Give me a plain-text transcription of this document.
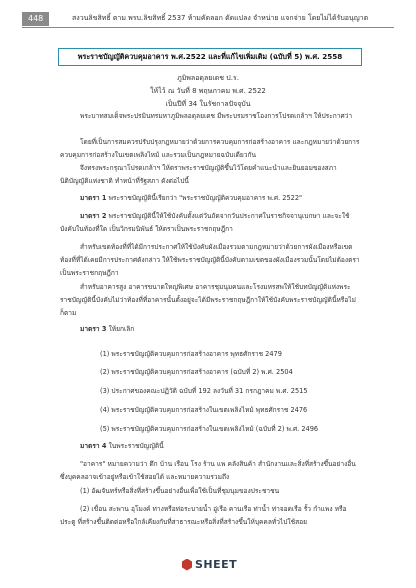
448	สงวนลิขสิทธิ์ ตาม พรบ.ลิขสิทธิ์ 2537 ห้ามคัดลอก ดัดแปลง จำหน่าย แจกจ่าย โดยไม่ได้รับอนุญาต
พระราชบัญญัติควบคุมอาคาร พ.ศ.2522 และที่แก้ไขเพิ่มเติม (ฉบับที่ 5) พ.ศ. 2558
ภูมิพลอดุลยเดช ป.ร.
ให้ไว้ ณ วันที่ 8 พฤษภาคม พ.ศ. 2522
เป็นปีที่ 34 ในรัชกาลปัจจุบัน

พระบาทสมเด็จพระปรมินทรมหาภูมิพลอดุลยเดช มีพระบรมราชโองการโปรดเกล้าฯ ให้ประกาศว่า

โดยที่เป็นการสมควรปรับปรุงกฎหมายว่าด้วยการควบคุมการก่อสร้างอาคาร และกฎหมายว่าด้วยการควบคุมการก่อสร้างในเขตเพลิงไหม้ และรวมเป็นกฎหมายฉบับเดียวกัน

จึงทรงพระกรุณาโปรดเกล้าฯ ให้ตราพระราชบัญญัติขึ้นไว้โดยคำแนะนำและยินยอมของสภานิติบัญญัติแห่งชาติ ทำหน้าที่รัฐสภา ดังต่อไปนี้

มาตรา 1 พระราชบัญญัตินี้เรียกว่า "พระราชบัญญัติควบคุมอาคาร พ.ศ. 2522"

มาตรา 2 พระราชบัญญัตินี้ให้ใช้บังคับตั้งแต่วันถัดจากวันประกาศในราชกิจจานุเบกษา และจะใช้บังคับในท้องที่ใด เป็นวิกรมนิพันธ์ ให้ตราเป็นพระราชกฤษฎีกา

สำหรับเขตท้องที่ที่ได้มีการประกาศให้ใช้บังคับผังเมืองรวมตามกฎหมายว่าด้วยการผังเมืองหรือเขตท้องที่ที่ได้เคยมีการประกาศดังกล่าว ให้ใช้พระราชบัญญัตินี้บังคับตามเขตของผังเมืองรวมนั้นโดยไม่ต้องตราเป็นพระราชกฤษฎีกา

สำหรับอาคารสูง อาคารขนาดใหญ่พิเศษ อาคารชุมนุมคนและโรงมหรสพให้ใช้บทบัญญัติแห่งพระราชบัญญัตินี้บังคับไม่ว่าท้องที่ที่อาคารนั้นตั้งอยู่จะได้มีพระราชกฤษฎีกาให้ใช้บังคับพระราชบัญญัตินี้หรือไม่ก็ตาม

มาตรา 3 ให้ยกเลิก

(1) พระราชบัญญัติควบคุมการก่อสร้างอาคาร พุทธศักราช 2479
(2) พระราชบัญญัติควบคุมการก่อสร้างอาคาร (ฉบับที่ 2) พ.ศ. 2504
(3) ประกาศของคณะปฏิวัติ ฉบับที่ 192 ลงวันที่ 31 กรกฎาคม พ.ศ. 2515
(4) พระราชบัญญัติควบคุมการก่อสร้างในเขตเพลิงไหม้ พุทธศักราช 2476
(5) พระราชบัญญัติควบคุมการก่อสร้างในเขตเพลิงไหม้ (ฉบับที่ 2) พ.ศ. 2496

มาตรา 4 ในพระราชบัญญัตินี้

"อาคาร" หมายความว่า ตึก บ้าน เรือน โรง ร้าน แพ คลังสินค้า สำนักงานและสิ่งที่สร้างขึ้นอย่างอื่น ซึ่งบุคคลอาจเข้าอยู่หรือเข้าใช้สอยได้ และหมายความรวมถึง

(1) อัฒจันทร์หรือสิ่งที่สร้างขึ้นอย่างอื่นเพื่อใช้เป็นที่ชุมนุมของประชาชน

(2) เขื่อน สะพาน อุโมงค์ ทางหรือท่อระบายน้ำ อู่เรือ คานเรือ ท่าน้ำ ท่าจอดเรือ รั้ว กำแพง หรือประตู ที่สร้างขึ้นติดต่อหรือใกล้เคียงกับที่สาธารณะหรือสิ่งที่สร้างขึ้นให้บุคคลทั่วไปใช้สอย

SHEET
